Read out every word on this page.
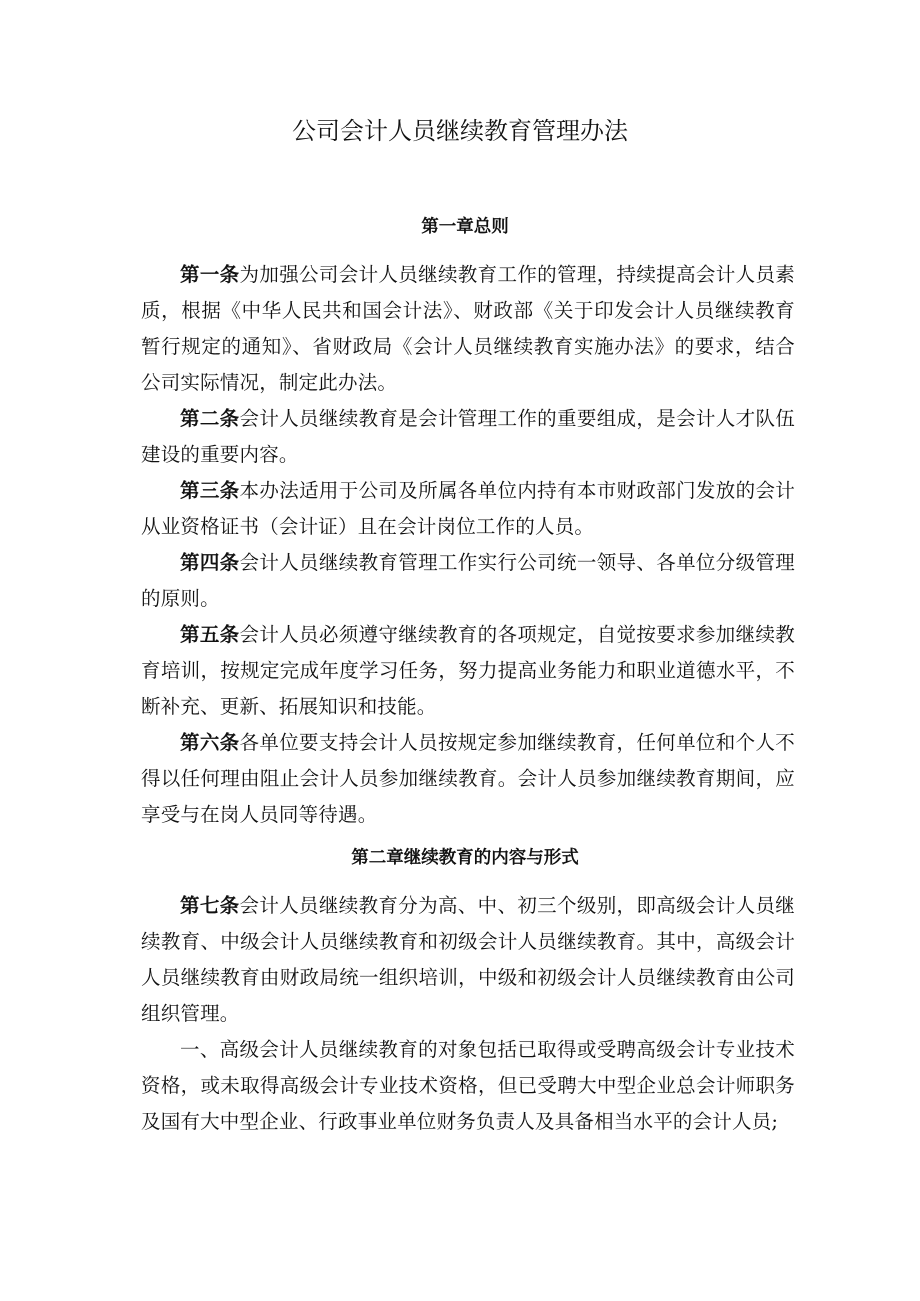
公司会计人员继续教育管理办法
第一章总则

第一条为加强公司会计人员继续教育工作的管理，持续提高会计人员素质，根据《中华人民共和国会计法》、财政部《关于印发会计人员继续教育暂行规定的通知》、省财政局《会计人员继续教育实施办法》的要求，结合公司实际情况，制定此办法。

第二条会计人员继续教育是会计管理工作的重要组成，是会计人才队伍建设的重要内容。

第三条本办法适用于公司及所属各单位内持有本市财政部门发放的会计从业资格证书（会计证）且在会计岗位工作的人员。

第四条会计人员继续教育管理工作实行公司统一领导、各单位分级管理的原则。

第五条会计人员必须遵守继续教育的各项规定，自觉按要求参加继续教育培训，按规定完成年度学习任务，努力提高业务能力和职业道德水平，不断补充、更新、拓展知识和技能。

第六条各单位要支持会计人员按规定参加继续教育，任何单位和个人不得以任何理由阻止会计人员参加继续教育。会计人员参加继续教育期间，应享受与在岗人员同等待遇。

第二章继续教育的内容与形式

第七条会计人员继续教育分为高、中、初三个级别，即高级会计人员继续教育、中级会计人员继续教育和初级会计人员继续教育。其中，高级会计人员继续教育由财政局统一组织培训，中级和初级会计人员继续教育由公司组织管理。

一、高级会计人员继续教育的对象包括已取得或受聘高级会计专业技术资格，或未取得高级会计专业技术资格，但已受聘大中型企业总会计师职务及国有大中型企业、行政事业单位财务负责人及具备相当水平的会计人员;
